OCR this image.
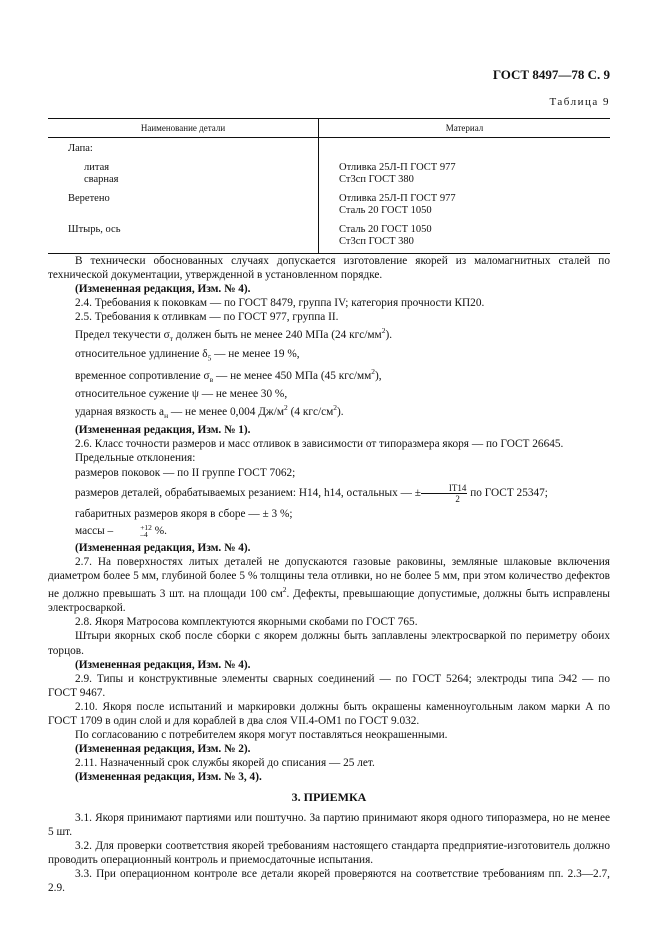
ГОСТ 8497—78 С. 9
Таблица 9
Наименование детали	Материал
Лапа:	
литая	Отливка 25Л-П ГОСТ 977
сварная	Ст3сп ГОСТ 380
Веретено	Отливка 25Л-П ГОСТ 977
	Сталь 20 ГОСТ 1050
Штырь, ось	Сталь 20 ГОСТ 1050
	Ст3сп ГОСТ 380

В технически обоснованных случаях допускается изготовление якорей из маломагнитных сталей по технической документации, утвержденной в установленном порядке.

(Измененная редакция, Изм. № 4).

2.4. Требования к поковкам — по ГОСТ 8479, группа IV; категория прочности КП20.

2.5. Требования к отливкам — по ГОСТ 977, группа II.

Предел текучести $\sigma_т$ должен быть не менее 240 МПа (24 кгс/$мм^2$).

относительное удлинение $\delta_5$ — не менее 19 %,

временное сопротивление $\sigma_в$ — не менее 450 МПа (45 кгс/$мм^2$),

относительное сужение ψ — не менее 30 %,

ударная вязкость $a_н$ — не менее 0,004 $Дж/м^2$ (4 кгс/$см^2$).

(Измененная редакция, Изм. № 1).

2.6. Класс точности размеров и масс отливок в зависимости от типоразмера якоря — по ГОСТ 26645.

Предельные отклонения:

размеров поковок — по II группе ГОСТ 7062;

размеров деталей, обрабатываемых резанием: H14, h14, остальных — ± $\frac{IT14}{2}$ по ГОСТ 25347;

габаритных размеров якоря в сборе — ± 3 %;

массы –	+12
–4 %.

(Измененная редакция, Изм. № 4).

2.7. На поверхностях литых деталей не допускаются газовые раковины, земляные шлаковые включения диаметром более 5 мм, глубиной более 5 % толщины тела отливки, но не более 5 мм, при этом количество дефектов не должно превышать 3 шт. на площади 100 $см^2$. Дефекты, превышающие допустимые, должны быть исправлены электросваркой.

2.8. Якоря Матросова комплектуются якорными скобами по ГОСТ 765.

Штыри якорных скоб после сборки с якорем должны быть заплавлены электросваркой по периметру обоих торцов.

(Измененная редакция, Изм. № 4).

2.9. Типы и конструктивные элементы сварных соединений — по ГОСТ 5264; электроды типа Э42 — по ГОСТ 9467.

2.10. Якоря после испытаний и маркировки должны быть окрашены каменноугольным лаком марки А по ГОСТ 1709 в один слой и для кораблей в два слоя VII.4-ОМ1 по ГОСТ 9.032.

По согласованию с потребителем якоря могут поставляться неокрашенными.

(Измененная редакция, Изм. № 2).

2.11. Назначенный срок службы якорей до списания — 25 лет.

(Измененная редакция, Изм. № 3, 4).

3. ПРИЕМКА

3.1. Якоря принимают партиями или поштучно. За партию принимают якоря одного типоразмера, но не менее 5 шт.

3.2. Для проверки соответствия якорей требованиям настоящего стандарта предприятие-изготовитель должно проводить операционный контроль и приемосдаточные испытания.

3.3. При операционном контроле все детали якорей проверяются на соответствие требованиям пп. 2.3—2.7, 2.9.
